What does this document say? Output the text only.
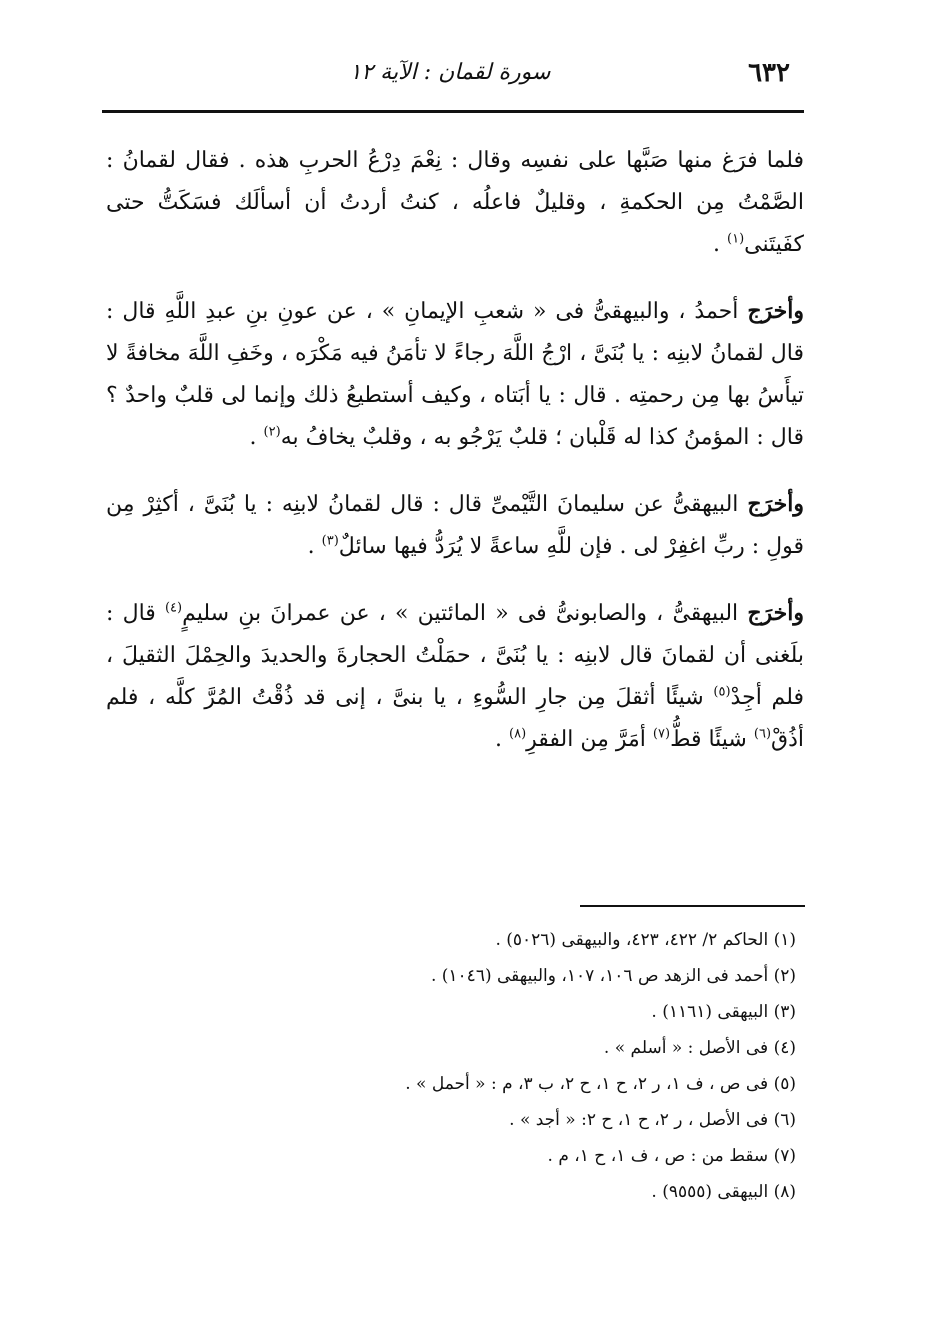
٦٣٢
سورة لقمان : الآية ١٢

فلما فرَغ منها صَبَّها على نفسِه وقال : نِعْمَ دِرْعُ الحربِ هذه . فقال لقمانُ : الصَّمْتُ مِن الحكمةِ ، وقليلٌ فاعلُه ، كنتُ أردتُ أن أسألَك فسَكَتُّ حتى كفَيتَنى$^{(١)}$ .

وأخرَج أحمدُ ، والبيهقىُّ فى « شعبِ الإيمانِ » ، عن عونِ بنِ عبدِ اللَّهِ قال : قال لقمانُ لابنِه : يا بُنَىَّ ، ارْجُ اللَّهَ رجاءً لا تأمَنُ فيه مَكْرَه ، وخَفِ اللَّهَ مخافةً لا تيأَسُ بها مِن رحمتِه . قال : يا أبَتاه ، وكيف أستطيعُ ذلك وإنما لى قلبٌ واحدٌ ؟ قال : المؤمنُ كذا له قَلْبان ؛ قلبٌ يَرْجُو به ، وقلبٌ يخافُ به$^{(٢)}$ .

وأخرَج البيهقىُّ عن سليمانَ التَّيْمىِّ قال : قال لقمانُ لابنِه : يا بُنَىَّ ، أكثِرْ مِن قولِ : ربِّ اغفِرْ لى . فإن للَّهِ ساعةً لا يُرَدُّ فيها سائلٌ$^{(٣)}$ .

وأخرَج البيهقىُّ ، والصابونىُّ فى « المائتين » ، عن عمرانَ بنِ سليمٍ$^{(٤)}$ قال : بلَغنى أن لقمانَ قال لابنِه : يا بُنَىَّ ، حمَلْتُ الحجارةَ والحديدَ والحِمْلَ الثقيلَ ، فلم أجِدْ$^{(٥)}$ شيئًا أثقلَ مِن جارِ السُّوءِ ، يا بنىَّ ، إنى قد ذُقْتُ المُرَّ كلَّه ، فلم أذُقْ$^{(٦)}$ شيئًا قطُّ$^{(٧)}$ أمَرَّ مِن الفقرِ$^{(٨)}$ .

(١) الحاكم ٢/ ٤٢٢، ٤٢٣، والبيهقى (٥٠٢٦) .

(٢) أحمد فى الزهد ص ١٠٦، ١٠٧، والبيهقى (١٠٤٦) .

(٣) البيهقى (١١٦١) .

(٤) فى الأصل : « أسلم » .

(٥) فى ص ، ف ١، ر ٢، ح ١، ح ٢، ب ٣، م : « أحمل » .

(٦) فى الأصل ، ر ٢، ح ١، ح ٢: « أجد » .

(٧) سقط من : ص ، ف ١، ح ١، م .

(٨) البيهقى (٩٥٥٥) .
